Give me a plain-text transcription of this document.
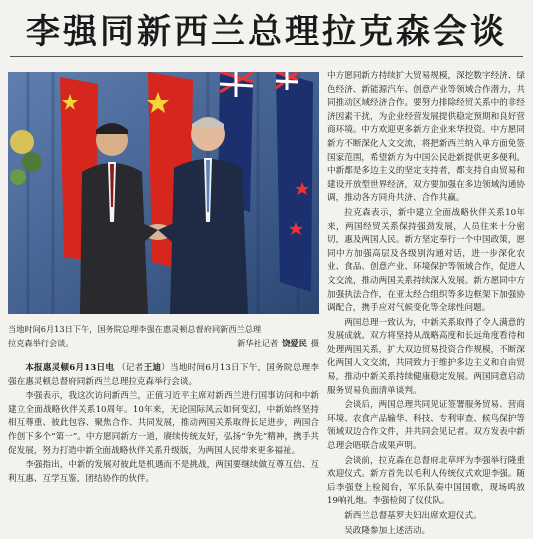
李强同新西兰总理拉克森会谈
当地时间6月13日下午，国务院总理李强在惠灵顿总督府同新西兰总理
拉克森举行会谈。	新华社记者 饶爱民 摄

中方愿同新方持续扩大贸易规模，深挖数字经济、绿色经济、新能源汽车、创意产业等领域合作潜力，共同推动区域经济合作。要努力排除经贸关系中的非经济因素干扰，为企业经营发展提供稳定预期和良好营商环境。中方欢迎更多新方企业来华投资。中方愿同新方不断深化人文交流，将把新西兰纳入单方面免签国家范围，希望新方为中国公民赴新提供更多便利。中新都是多边主义的坚定支持者，都支持自由贸易和建设开放型世界经济，双方要加强在多边领域沟通协调，推动各方同舟共济、合作共赢。

拉克森表示，新中建立全面战略伙伴关系10年来，两国经贸关系保持强劲发展，人员往来十分密切，惠及两国人民。新方坚定奉行一个中国政策，愿同中方加强高层及各级别沟通对话，进一步深化农业、食品、创意产业、环境保护等领域合作，促进人文交流，推动两国关系持续深入发展。新方愿同中方加强执法合作，在亚太经合组织等多边框架下加强协调配合，携手应对气候变化等全球性问题。

两国总理一致认为，中新关系取得了令人满意的发展成就。双方将坚持从战略高度和长远角度看待和处理两国关系，扩大双边贸易投资合作规模，不断深化两国人文交流，共同致力于维护多边主义和自由贸易，推动中新关系持续健康稳定发展。两国同意启动服务贸易负面清单谈判。

会谈后，两国总理共同见证签署服务贸易、营商环境、农食产品输华、科技、专利审查、候鸟保护等领域双边合作文件，并共同会见记者。双方发表中新总理会晤联合成果声明。

会谈前，拉克森在总督府北草坪为李强举行隆重欢迎仪式。新方首先以毛利人传统仪式欢迎李强。随后李强登上检阅台，军乐队奏中国国歌，现场鸣放19响礼炮。李强检阅了仪仗队。

新西兰总督基罗夫妇出席欢迎仪式。

吴政隆参加上述活动。

本报惠灵顿6月13日电 （记者王迪）当地时间6月13日下午，国务院总理李强在惠灵顿总督府同新西兰总理拉克森举行会谈。

李强表示，我这次访问新西兰，正值习近平主席对新西兰进行国事访问和中新建立全面战略伙伴关系10周年。10年来，无论国际风云如何变幻，中新始终坚持相互尊重、彼此包容、聚焦合作、共同发展，推动两国关系取得长足进步，两国合作创下多个“第一”。中方愿同新方一道，赓续传统友好，弘扬“争先”精神，携手共促发展，努力打造中新全面战略伙伴关系升级版，为两国人民带来更多福祉。

李强指出，中新的发展对彼此是机遇而不是挑战，两国要继续做互尊互信、互利互惠、互学互鉴，团结协作的伙伴。
